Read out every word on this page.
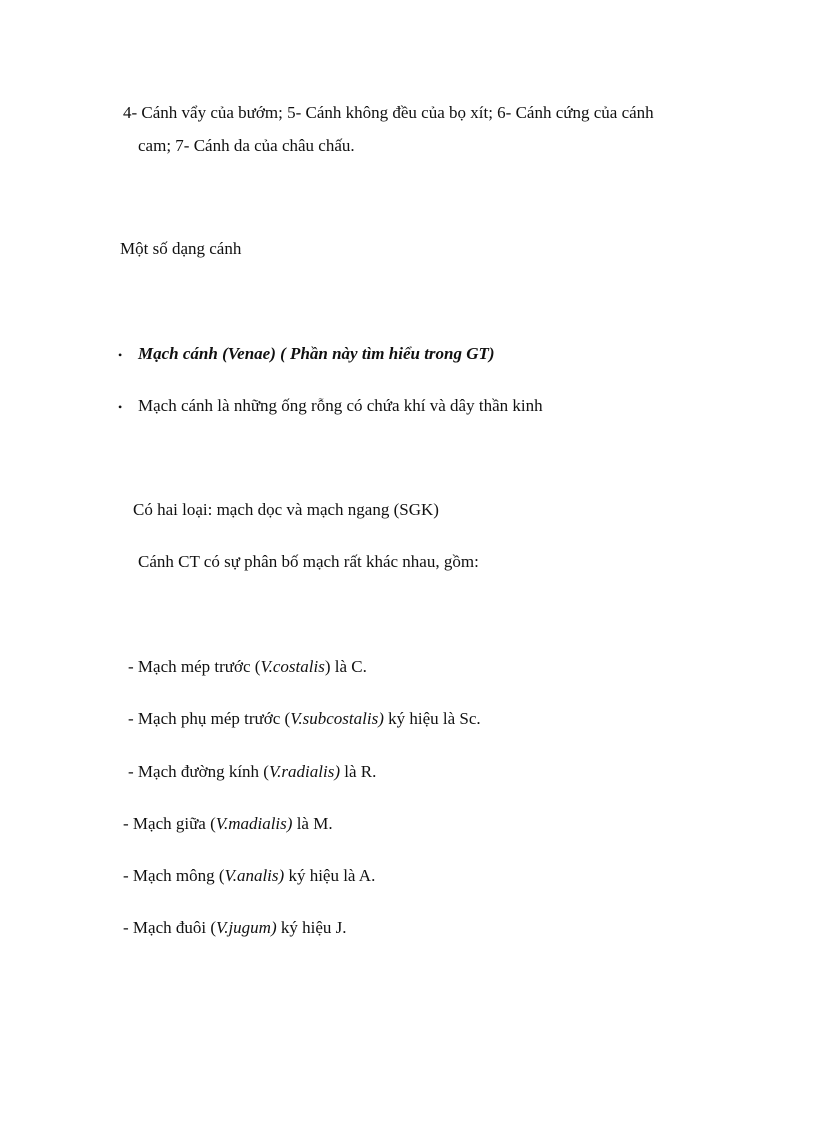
4- Cánh vẩy của bướm; 5- Cánh không đều của bọ xít; 6- Cánh cứng của cánh
cam; 7- Cánh da của châu chấu.
Một số dạng cánh
• Mạch cánh (Venae) ( Phần này tìm hiểu trong GT)
• Mạch cánh là những ống rỗng có chứa khí và dây thần kinh
Có hai loại: mạch dọc và mạch ngang (SGK)
Cánh CT có sự phân bố mạch rất khác nhau, gồm:
- Mạch mép trước (V.costalis) là C.
- Mạch phụ mép trước (V.subcostalis) ký hiệu là Sc.
- Mạch đường kính (V.radialis) là R.
- Mạch giữa (V.madialis) là M.
- Mạch mông (V.analis) ký hiệu là A.
- Mạch đuôi (V.jugum) ký hiệu J.
